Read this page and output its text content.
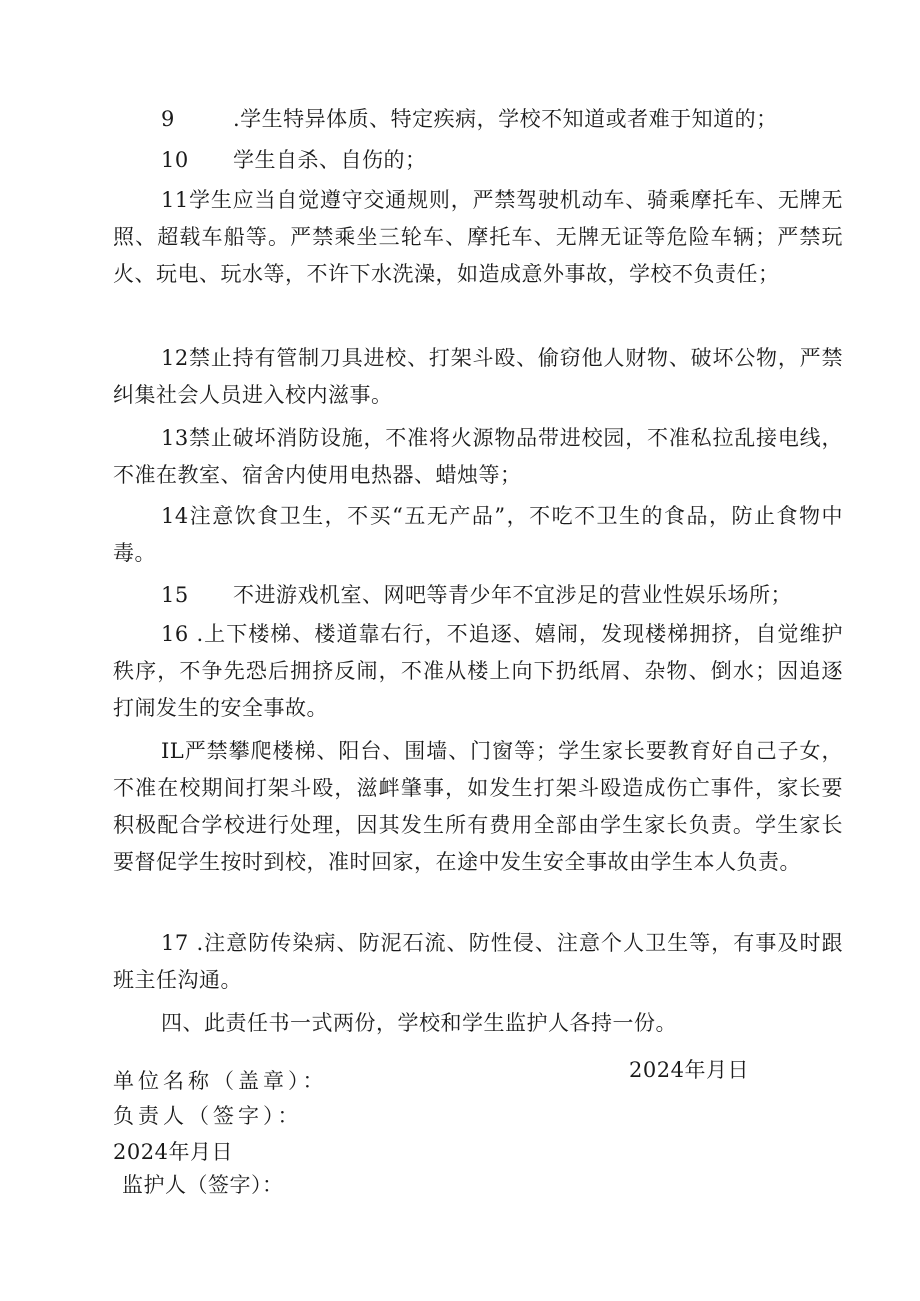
9	.学生特异体质、特定疾病，学校不知道或者难于知道的；
10 学生自杀、自伤的；
11学生应当自觉遵守交通规则，严禁驾驶机动车、骑乘摩托车、无牌无照、超载车船等。严禁乘坐三轮车、摩托车、无牌无证等危险车辆；严禁玩火、玩电、玩水等，不许下水洗澡，如造成意外事故，学校不负责任；
12禁止持有管制刀具进校、打架斗殴、偷窃他人财物、破坏公物，严禁纠集社会人员进入校内滋事。
13禁止破坏消防设施，不准将火源物品带进校园，不准私拉乱接电线，不准在教室、宿舍内使用电热器、蜡烛等；
14注意饮食卫生，不买“五无产品”，不吃不卫生的食品，防止食物中毒。
15 不进游戏机室、网吧等青少年不宜涉足的营业性娱乐场所；
16 .上下楼梯、楼道靠右行，不追逐、嬉闹，发现楼梯拥挤，自觉维护秩序，不争先恐后拥挤反闹，不准从楼上向下扔纸屑、杂物、倒水；因追逐打闹发生的安全事故。
IL严禁攀爬楼梯、阳台、围墙、门窗等；学生家长要教育好自己子女，不准在校期间打架斗殴，滋衅肇事，如发生打架斗殴造成伤亡事件，家长要积极配合学校进行处理，因其发生所有费用全部由学生家长负责。学生家长要督促学生按时到校，准时回家，在途中发生安全事故由学生本人负责。
17 .注意防传染病、防泥石流、防性侵、注意个人卫生等，有事及时跟班主任沟通。
四、此责任书一式两份，学校和学生监护人各持一份。
单位名称（盖章）：	2024年月日
负责人（签字）：
2024年月日
监护人（签字）：
